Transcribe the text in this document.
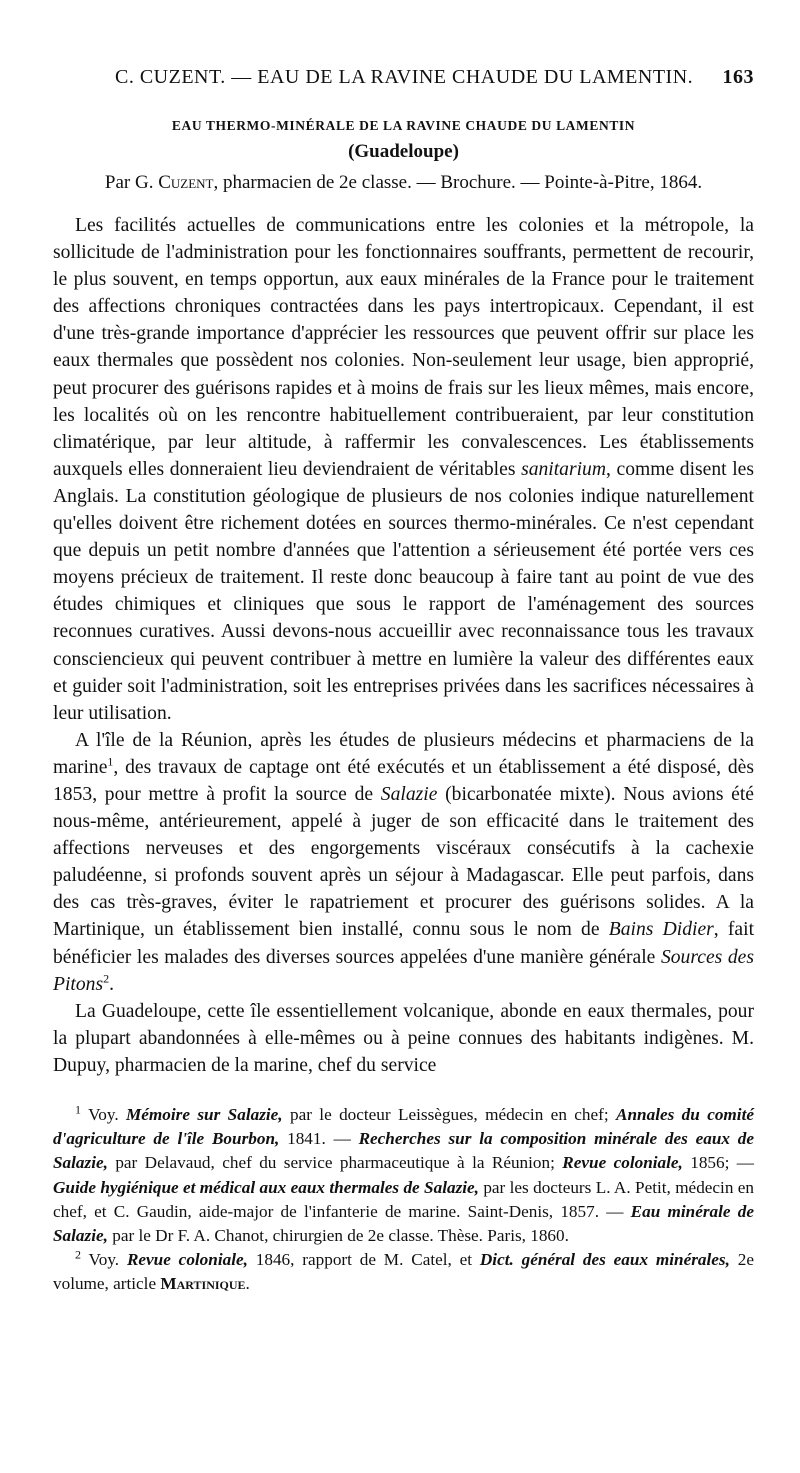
C. CUZENT. — EAU DE LA RAVINE CHAUDE DU LAMENTIN. 163
EAU THERMO-MINÉRALE DE LA RAVINE CHAUDE DU LAMENTIN
(Guadeloupe)
Par G. Cuzent, pharmacien de 2e classe. — Brochure. — Pointe-à-Pitre, 1864.

Les facilités actuelles de communications entre les colonies et la métropole, la sollicitude de l'administration pour les fonctionnaires souffrants, permettent de recourir, le plus souvent, en temps opportun, aux eaux minérales de la France pour le traitement des affections chroniques contractées dans les pays intertropicaux. Cependant, il est d'une très-grande importance d'apprécier les ressources que peuvent offrir sur place les eaux thermales que possèdent nos colonies. Non-seulement leur usage, bien approprié, peut procurer des guérisons rapides et à moins de frais sur les lieux mêmes, mais encore, les localités où on les rencontre habituellement contribueraient, par leur constitution climatérique, par leur altitude, à raffermir les convalescences. Les établissements auxquels elles donneraient lieu deviendraient de véritables sanitarium, comme disent les Anglais. La constitution géologique de plusieurs de nos colonies indique naturellement qu'elles doivent être richement dotées en sources thermo-minérales. Ce n'est cependant que depuis un petit nombre d'années que l'attention a sérieusement été portée vers ces moyens précieux de traitement. Il reste donc beaucoup à faire tant au point de vue des études chimiques et cliniques que sous le rapport de l'aménagement des sources reconnues curatives. Aussi devons-nous accueillir avec reconnaissance tous les travaux consciencieux qui peuvent contribuer à mettre en lumière la valeur des différentes eaux et guider soit l'administration, soit les entreprises privées dans les sacrifices nécessaires à leur utilisation.

A l'île de la Réunion, après les études de plusieurs médecins et pharmaciens de la marine$^1$, des travaux de captage ont été exécutés et un établissement a été disposé, dès 1853, pour mettre à profit la source de Salazie (bicarbonatée mixte). Nous avions été nous-même, antérieurement, appelé à juger de son efficacité dans le traitement des affections nerveuses et des engorgements viscéraux consécutifs à la cachexie paludéenne, si profonds souvent après un séjour à Madagascar. Elle peut parfois, dans des cas très-graves, éviter le rapatriement et procurer des guérisons solides. A la Martinique, un établissement bien installé, connu sous le nom de Bains Didier, fait bénéficier les malades des diverses sources appelées d'une manière générale Sources des Pitons$^2$.

La Guadeloupe, cette île essentiellement volcanique, abonde en eaux thermales, pour la plupart abandonnées à elle-mêmes ou à peine connues des habitants indigènes. M. Dupuy, pharmacien de la marine, chef du service

$^1$ Voy. Mémoire sur Salazie, par le docteur Leissègues, médecin en chef; Annales du comité d'agriculture de l'île Bourbon, 1841. — Recherches sur la composition minérale des eaux de Salazie, par Delavaud, chef du service pharmaceutique à la Réunion; Revue coloniale, 1856; — Guide hygiénique et médical aux eaux thermales de Salazie, par les docteurs L. A. Petit, médecin en chef, et C. Gaudin, aide-major de l'infanterie de marine. Saint-Denis, 1857. — Eau minérale de Salazie, par le Dr F. A. Chanot, chirurgien de 2e classe. Thèse. Paris, 1860.

$^2$ Voy. Revue coloniale, 1846, rapport de M. Catel, et Dict. général des eaux minérales, 2e volume, article Martinique.
